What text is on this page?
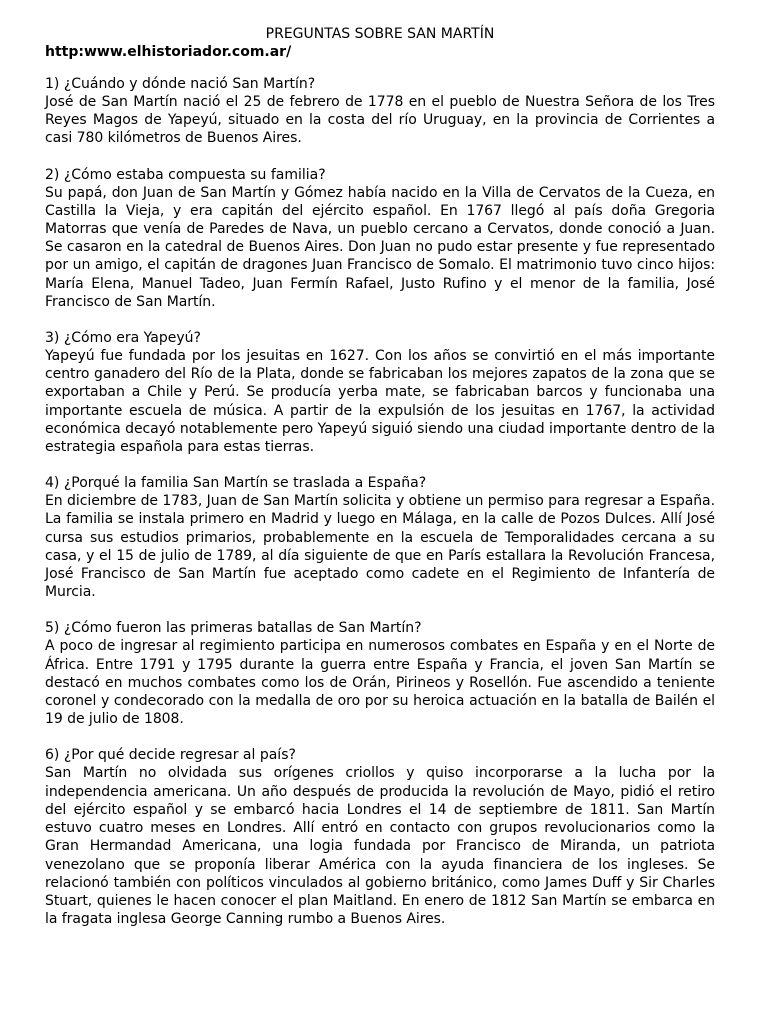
PREGUNTAS SOBRE SAN MARTÍN

http:www.elhistoriador.com.ar/

1) ¿Cuándo y dónde nació San Martín?

José de San Martín nació el 25 de febrero de 1778 en el pueblo de Nuestra Señora de los Tres Reyes Magos de Yapeyú, situado en la costa del río Uruguay, en la provincia de Corrientes a casi 780 kilómetros de Buenos Aires.

2) ¿Cómo estaba compuesta su familia?

Su papá, don Juan de San Martín y Gómez había nacido en la Villa de Cervatos de la Cueza, en Castilla la Vieja, y era capitán del ejército español. En 1767 llegó al país doña Gregoria Matorras que venía de Paredes de Nava, un pueblo cercano a Cervatos, donde conoció a Juan. Se casaron en la catedral de Buenos Aires. Don Juan no pudo estar presente y fue representado por un amigo, el capitán de dragones Juan Francisco de Somalo. El matrimonio tuvo cinco hijos: María Elena, Manuel Tadeo, Juan Fermín Rafael, Justo Rufino y el menor de la familia, José Francisco de San Martín.

3) ¿Cómo era Yapeyú?

Yapeyú fue fundada por los jesuitas en 1627. Con los años se convirtió en el más importante centro ganadero del Río de la Plata, donde se fabricaban los mejores zapatos de la zona que se exportaban a Chile y Perú. Se producía yerba mate, se fabricaban barcos y funcionaba una importante escuela de música. A partir de la expulsión de los jesuitas en 1767, la actividad económica decayó notablemente pero Yapeyú siguió siendo una ciudad importante dentro de la estrategia española para estas tierras.

4) ¿Porqué la familia San Martín se traslada a España?

En diciembre de 1783, Juan de San Martín solicita y obtiene un permiso para regresar a España. La familia se instala primero en Madrid y luego en Málaga, en la calle de Pozos Dulces. Allí José cursa sus estudios primarios, probablemente en la escuela de Temporalidades cercana a su casa, y el 15 de julio de 1789, al día siguiente de que en París estallara la Revolución Francesa, José Francisco de San Martín fue aceptado como cadete en el Regimiento de Infantería de Murcia.

5) ¿Cómo fueron las primeras batallas de San Martín?

A poco de ingresar al regimiento participa en numerosos combates en España y en el Norte de África. Entre 1791 y 1795 durante la guerra entre España y Francia, el joven San Martín se destacó en muchos combates como los de Orán, Pirineos y Rosellón. Fue ascendido a teniente coronel y condecorado con la medalla de oro por su heroica actuación en la batalla de Bailén el 19 de julio de 1808.

6) ¿Por qué decide regresar al país?

San Martín no olvidada sus orígenes criollos y quiso incorporarse a la lucha por la independencia americana. Un año después de producida la revolución de Mayo, pidió el retiro del ejército español y se embarcó hacia Londres el 14 de septiembre de 1811. San Martín estuvo cuatro meses en Londres. Allí entró en contacto con grupos revolucionarios como la Gran Hermandad Americana, una logia fundada por Francisco de Miranda, un patriota venezolano que se proponía liberar América con la ayuda financiera de los ingleses. Se relacionó también con políticos vinculados al gobierno británico, como James Duff y Sir Charles Stuart, quienes le hacen conocer el plan Maitland. En enero de 1812 San Martín se embarca en la fragata inglesa George Canning rumbo a Buenos Aires.
